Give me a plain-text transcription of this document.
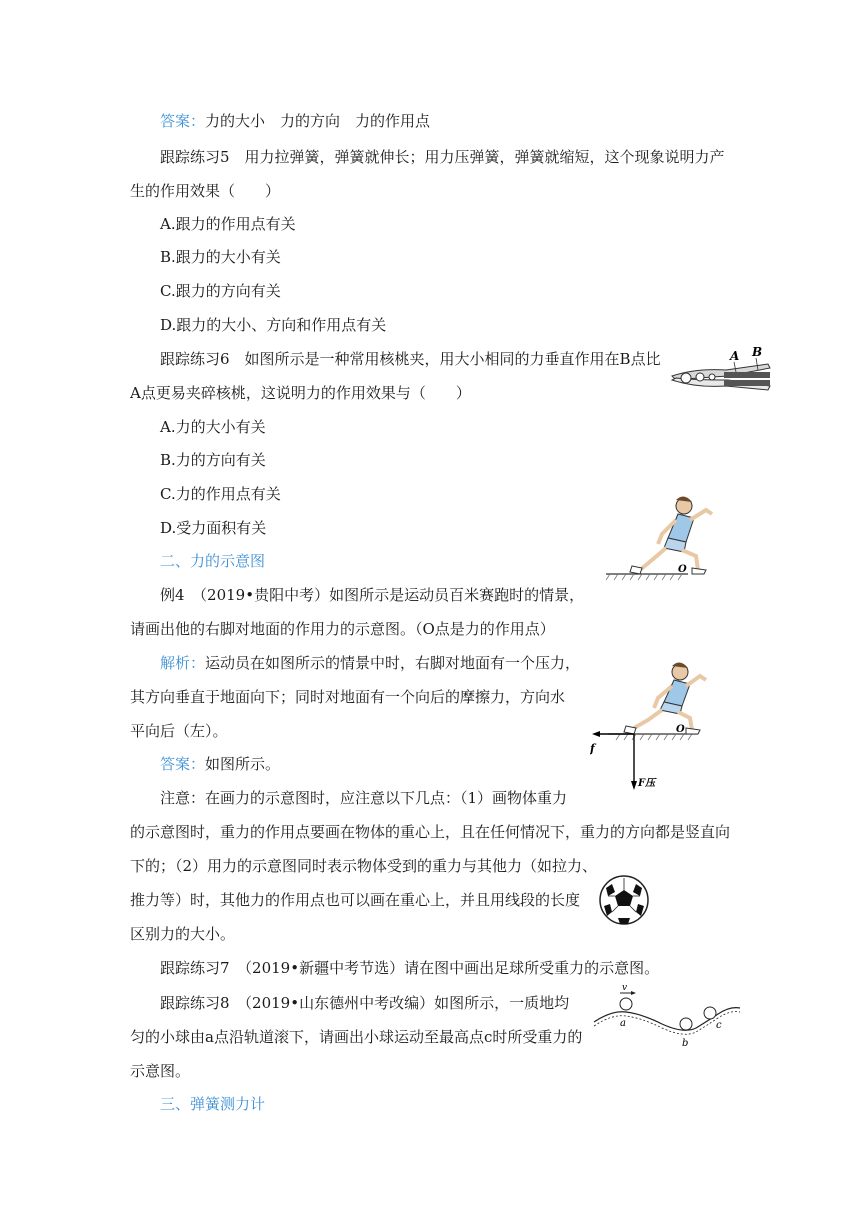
答案：力的大小　力的方向　力的作用点
跟踪练习5　用力拉弹簧，弹簧就伸长；用力压弹簧，弹簧就缩短，这个现象说明力产
生的作用效果（　　）
A.跟力的作用点有关
B.跟力的大小有关
C.跟力的方向有关
D.跟力的大小、方向和作用点有关
跟踪练习6　如图所示是一种常用核桃夹，用大小相同的力垂直作用在B点比
A点更易夹碎核桃，这说明力的作用效果与（　　）
A.力的大小有关
B.力的方向有关
C.力的作用点有关
D.受力面积有关
A B
二、力的示意图
例4　（2019•贵阳中考）如图所示是运动员百米赛跑时的情景，
请画出他的右脚对地面的作用力的示意图。（O点是力的作用点）
O
解析：运动员在如图所示的情景中时，右脚对地面有一个压力，
其方向垂直于地面向下；同时对地面有一个向后的摩擦力，方向水
平向后（左）。
f
F压
O
答案：如图所示。
注意：在画力的示意图时，应注意以下几点：（1）画物体重力
的示意图时，重力的作用点要画在物体的重心上，且在任何情况下，重力的方向都是竖直向
下的；（2）用力的示意图同时表示物体受到的重力与其他力（如拉力、
推力等）时，其他力的作用点也可以画在重心上，并且用线段的长度
区别力的大小。
跟踪练习7　（2019•新疆中考节选）请在图中画出足球所受重力的示意图。
跟踪练习8　（2019•山东德州中考改编）如图所示，一质地均
匀的小球由a点沿轨道滚下，请画出小球运动至最高点c时所受重力的
示意图。
v
a
b
c
三、弹簧测力计
